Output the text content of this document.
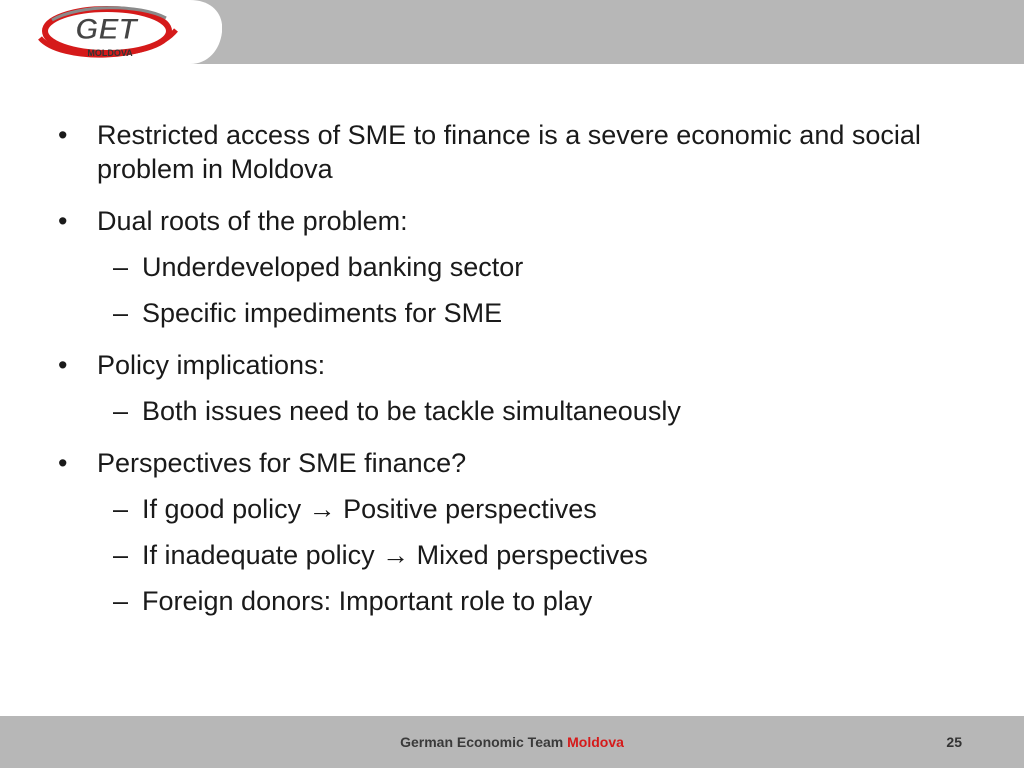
GET
MOLDOVA
• Restricted access of SME to finance is a severe economic and social problem in Moldova
• Dual roots of the problem:
– Underdeveloped banking sector
– Specific impediments for SME
• Policy implications:
– Both issues need to be tackle simultaneously
• Perspectives for SME finance?
– If good policy → Positive perspectives
– If inadequate policy → Mixed perspectives
– Foreign donors: Important role to play
German Economic Team Moldova	25
